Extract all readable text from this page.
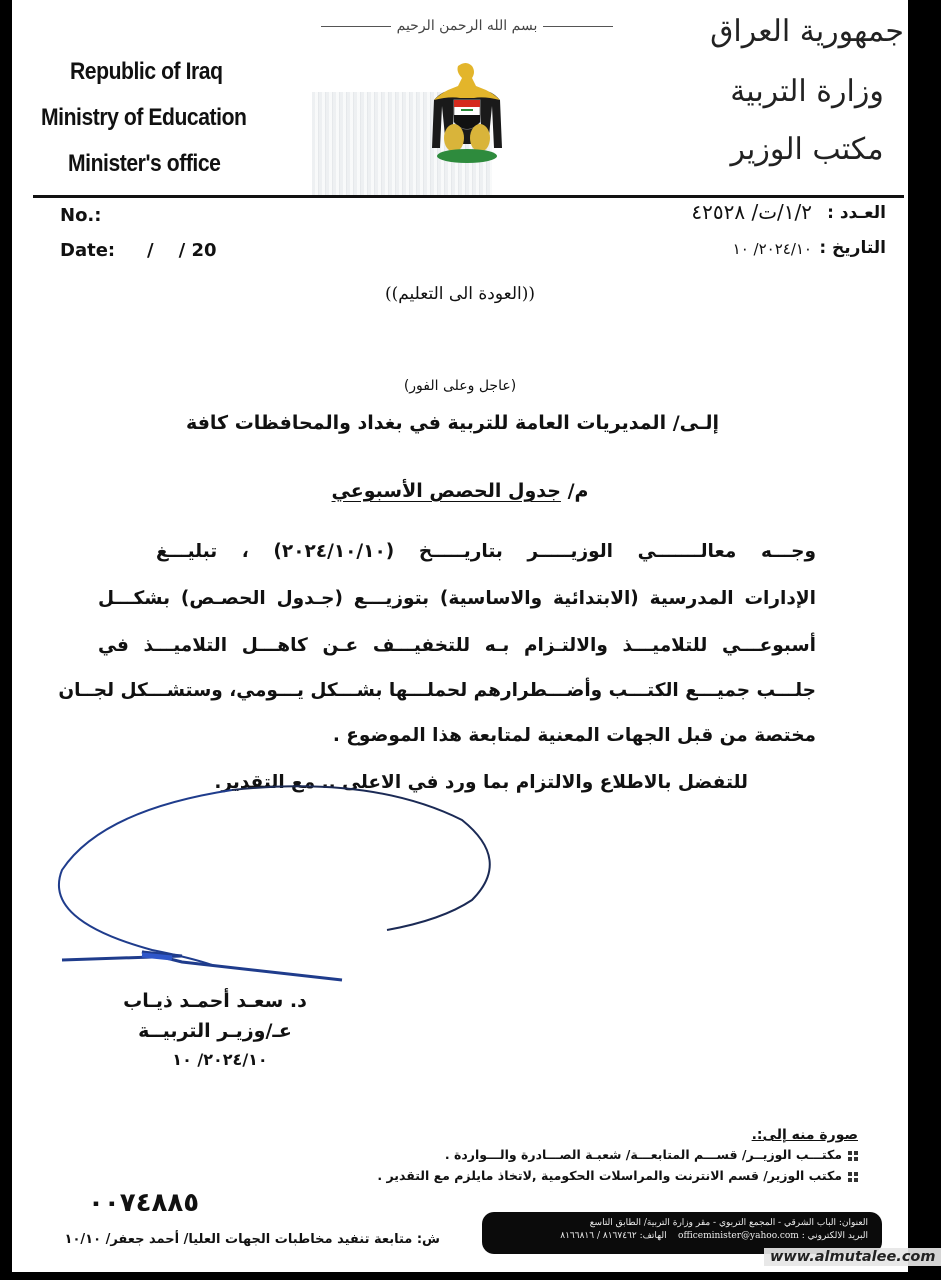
بسم الله الرحمن الرحيم
Republic of Iraq
Ministry of Education
Minister's office
جمهورية العراق
وزارة التربية
مكتب الوزير
No.:
Date: /    / 20
العـدد :
١/٢/ت/ ٤٢٥٢٨
التاريخ :
٢٠٢٤/١٠/ ١٠
((العودة الى التعليم))
(عاجل وعلى الفور)
إلـى/ المديريات العامة للتربية في بغداد والمحافظات كافة
م/ جدول الحصص الأسبوعي
وجـــه معالـــــــي الوزيـــــر بتاريـــــخ (٢٠٢٤/١٠/١٠) ، تبليـــغ
الإدارات المدرسية (الابتدائية والاساسية) بتوزيـــع (جـدول الحصـص) بشكـــل
أسبوعـــي للتلاميـــذ والالتـزام بـه للتخفيـــف عـن كاهـــل التلاميـــذ في
جلـــب جميـــع الكتـــب وأضـــطرارهم لحملـــها بشـــكل يـــومي، وستشـــكل لجــان
مختصة من قبل الجهات المعنية لمتابعة هذا الموضوع .
للتفضل بالاطلاع والالتزام بما ورد في الاعلى .. مع التقدير.
د. سعـد أحمـد ذيـاب
عـ/وزيـر التربيــة
٢٠٢٤/١٠/ ١٠
صورة منه إلى:.
مكتـــب الوزيــر/ قســـم المتابعـــة/ شعبـة الصـــادرة والـــواردة .
مكتب الوزير/ قسم الانترنت والمراسلات الحكومية ,لاتخاذ مايلزم مع التقدير .
٠٠٧٤٨٨٥
ش: متابعة تنفيد مخاطبات الجهات العليا/ أحمد جعفر/ ١٠/١٠
العنوان: الباب الشرقي - المجمع التربوي - مقر وزارة التربية/ الطابق التاسع
البريد الالكتروني : officeminister@yahoo.com    الهاتف: ٨١٦٧٤٦٢ / ٨١٦٦٨١٦
www.almutalee.com
